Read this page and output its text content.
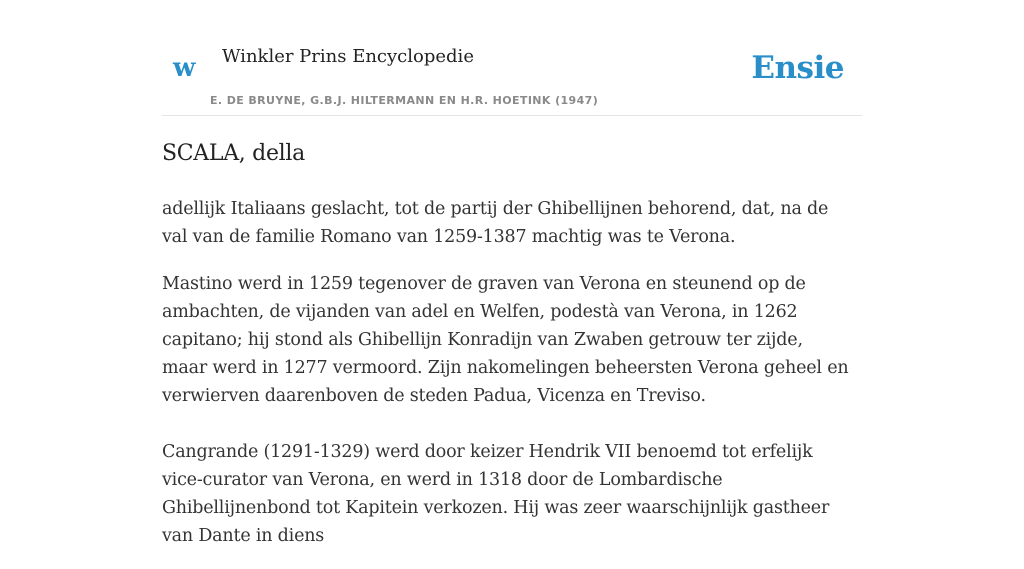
w Winkler Prins Encyclopedie
E. DE BRUYNE, G.B.J. HILTERMANN EN H.R. HOETINK (1947)
Ensie
SCALA, della

adellijk Italiaans geslacht, tot de partij der Ghibellijnen behorend, dat, na de val van de familie Romano van 1259-1387 machtig was te Verona.

Mastino werd in 1259 tegenover de graven van Verona en steunend op de ambachten, de vijanden van adel en Welfen, podestà van Verona, in 1262 capitano; hij stond als Ghibellijn Konradijn van Zwaben getrouw ter zijde, maar werd in 1277 vermoord. Zijn nakomelingen beheersten Verona geheel en verwierven daarenboven de steden Padua, Vicenza en Treviso.

Cangrande (1291-1329) werd door keizer Hendrik VII benoemd tot erfelijk vice-curator van Verona, en werd in 1318 door de Lombardische Ghibellijnenbond tot Kapitein verkozen. Hij was zeer waarschijnlijk gastheer van Dante in diens
